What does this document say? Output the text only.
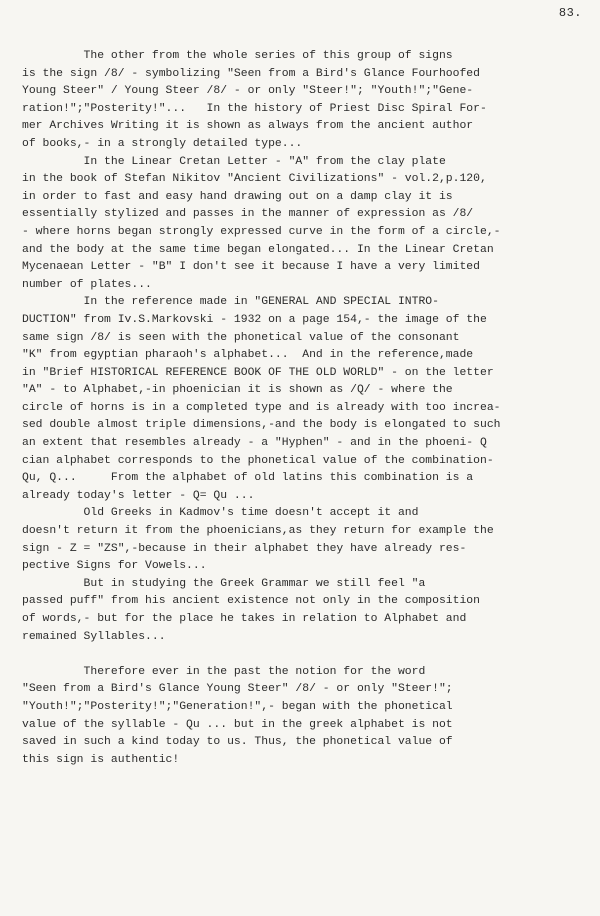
83.
The other from the whole series of this group of signs
is the sign /8/ - symbolizing "Seen from a Bird's Glance Fourhoofed
Young Steer" / Young Steer /8/ - or only "Steer!"; "Youth!";"Gene-
ration!";"Posterity!"...   In the history of Priest Disc Spiral For-
mer Archives Writing it is shown as always from the ancient author
of books,- in a strongly detailed type...
In the Linear Cretan Letter - "A" from the clay plate
in the book of Stefan Nikitov "Ancient Civilizations" - vol.2,p.120,
in order to fast and easy hand drawing out on a damp clay it is
essentially stylized and passes in the manner of expression as /8/
- where horns began strongly expressed curve in the form of a circle,-
and the body at the same time began elongated... In the Linear Cretan
Mycenaean Letter - "B" I don't see it because I have a very limited
number of plates...
In the reference made in "GENERAL AND SPECIAL INTRO-
DUCTION" from Iv.S.Markovski - 1932 on a page 154,- the image of the
same sign /8/ is seen with the phonetical value of the consonant
"K" from egyptian pharaoh's alphabet...  And in the reference,made
in "Brief HISTORICAL REFERENCE BOOK OF THE OLD WORLD" - on the letter
"A" - to Alphabet,-in phoenician it is shown as /Q/ - where the
circle of horns is in a completed type and is already with too increa-
sed double almost triple dimensions,-and the body is elongated to such
an extent that resembles already - a "Hyphen" - and in the phoeni- Q
cian alphabet corresponds to the phonetical value of the combination-
Qu, Q...     From the alphabet of old latins this combination is a
already today's letter - Q= Qu ...
Old Greeks in Kadmov's time doesn't accept it and
doesn't return it from the phoenicians,as they return for example the
sign - Z = "ZS",-because in their alphabet they have already res-
pective Signs for Vowels...
But in studying the Greek Grammar we still feel "a
passed puff" from his ancient existence not only in the composition
of words,- but for the place he takes in relation to Alphabet and
remained Syllables...

Therefore ever in the past the notion for the word
"Seen from a Bird's Glance Young Steer" /8/ - or only "Steer!";
"Youth!";"Posterity!";"Generation!",- began with the phonetical
value of the syllable - Qu ... but in the greek alphabet is not
saved in such a kind today to us. Thus, the phonetical value of
this sign is authentic!
